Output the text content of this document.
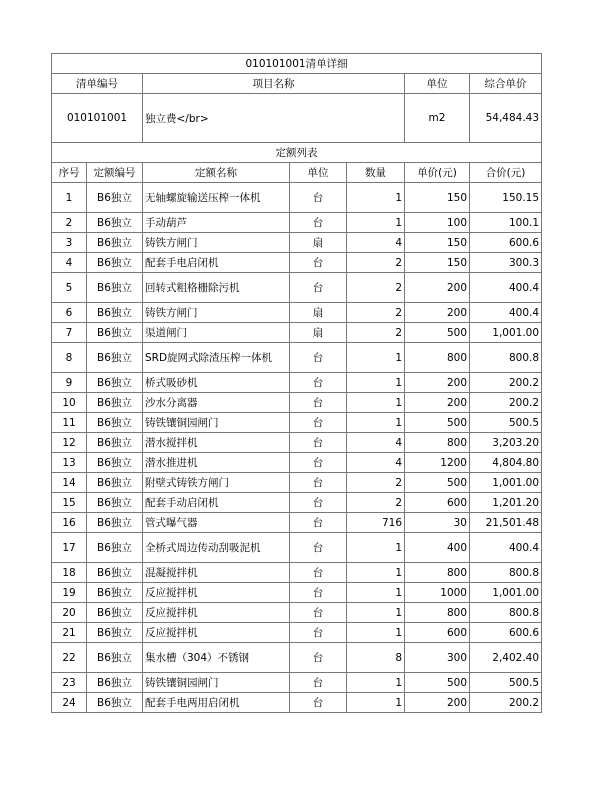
010101001清单详细						
清单编号		项目名称			单位	综合单价
010101001		独立费</br>			m2	54,484.43
定额列表						
序号	定额编号	定额名称	单位	数量	单价(元)	合价(元)
1	B6独立	无轴螺旋输送压榨一体机	台	1	150	150.15
2	B6独立	手动葫芦	台	1	100	100.1
3	B6独立	铸铁方闸门	扇	4	150	600.6
4	B6独立	配套手电启闭机	台	2	150	300.3
5	B6独立	回转式粗格栅除污机	台	2	200	400.4
6	B6独立	铸铁方闸门	扇	2	200	400.4
7	B6独立	渠道闸门	扇	2	500	1,001.00
8	B6独立	SRD旋网式除渣压榨一体机	台	1	800	800.8
9	B6独立	桥式吸砂机	台	1	200	200.2
10	B6独立	沙水分离器	台	1	200	200.2
11	B6独立	铸铁镶铜园闸门	台	1	500	500.5
12	B6独立	潜水搅拌机	台	4	800	3,203.20
13	B6独立	潜水推进机	台	4	1200	4,804.80
14	B6独立	附壁式铸铁方闸门	台	2	500	1,001.00
15	B6独立	配套手动启闭机	台	2	600	1,201.20
16	B6独立	管式曝气器	台	716	30	21,501.48
17	B6独立	全桥式周边传动刮吸泥机	台	1	400	400.4
18	B6独立	混凝搅拌机	台	1	800	800.8
19	B6独立	反应搅拌机	台	1	1000	1,001.00
20	B6独立	反应搅拌机	台	1	800	800.8
21	B6独立	反应搅拌机	台	1	600	600.6
22	B6独立	集水槽（304）不锈钢	台	8	300	2,402.40
23	B6独立	铸铁镶铜园闸门	台	1	500	500.5
24	B6独立	配套手电两用启闭机	台	1	200	200.2
